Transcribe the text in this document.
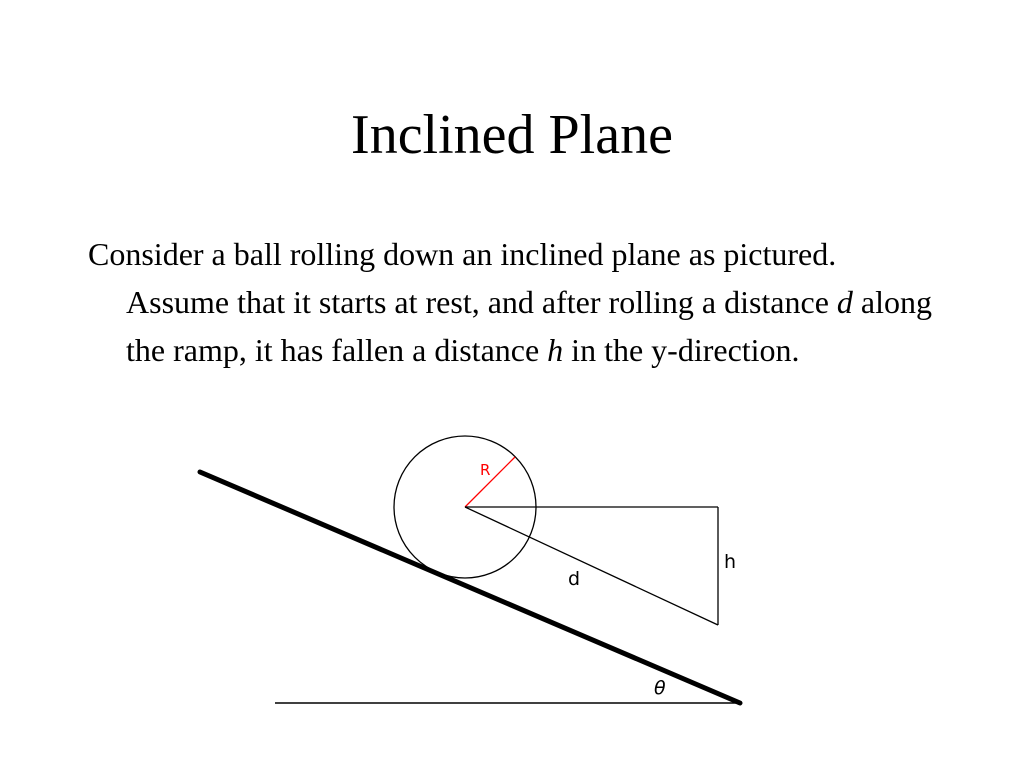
Inclined Plane

Consider a ball rolling down an inclined plane as pictured. Assume that it starts at rest, and after rolling a distance d along the ramp, it has fallen a distance h in the y-direction.

R
d
h
θ
